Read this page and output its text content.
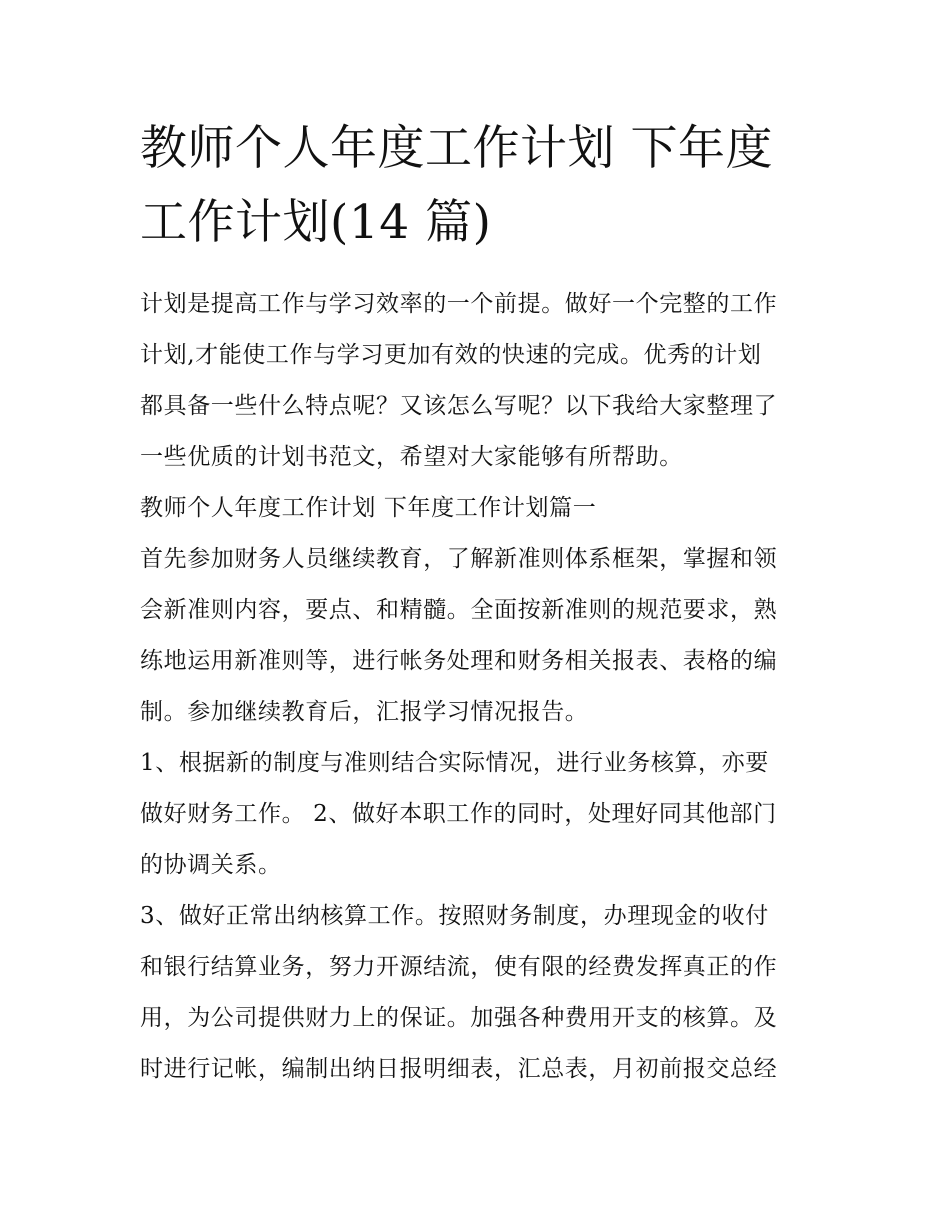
教师个人年度工作计划 下年度
工作计划(14 篇)
计划是提高工作与学习效率的一个前提。做好一个完整的工作
计划,才能使工作与学习更加有效的快速的完成。优秀的计划
都具备一些什么特点呢？又该怎么写呢？以下我给大家整理了
一些优质的计划书范文，希望对大家能够有所帮助。
教师个人年度工作计划 下年度工作计划篇一
首先参加财务人员继续教育，了解新准则体系框架，掌握和领
会新准则内容，要点、和精髓。全面按新准则的规范要求，熟
练地运用新准则等，进行帐务处理和财务相关报表、表格的编
制。参加继续教育后，汇报学习情况报告。
1、根据新的制度与准则结合实际情况，进行业务核算，亦要
做好财务工作。 2、做好本职工作的同时，处理好同其他部门
的协调关系。
3、做好正常出纳核算工作。按照财务制度，办理现金的收付
和银行结算业务，努力开源结流，使有限的经费发挥真正的作
用，为公司提供财力上的保证。加强各种费用开支的核算。及
时进行记帐，编制出纳日报明细表，汇总表，月初前报交总经
